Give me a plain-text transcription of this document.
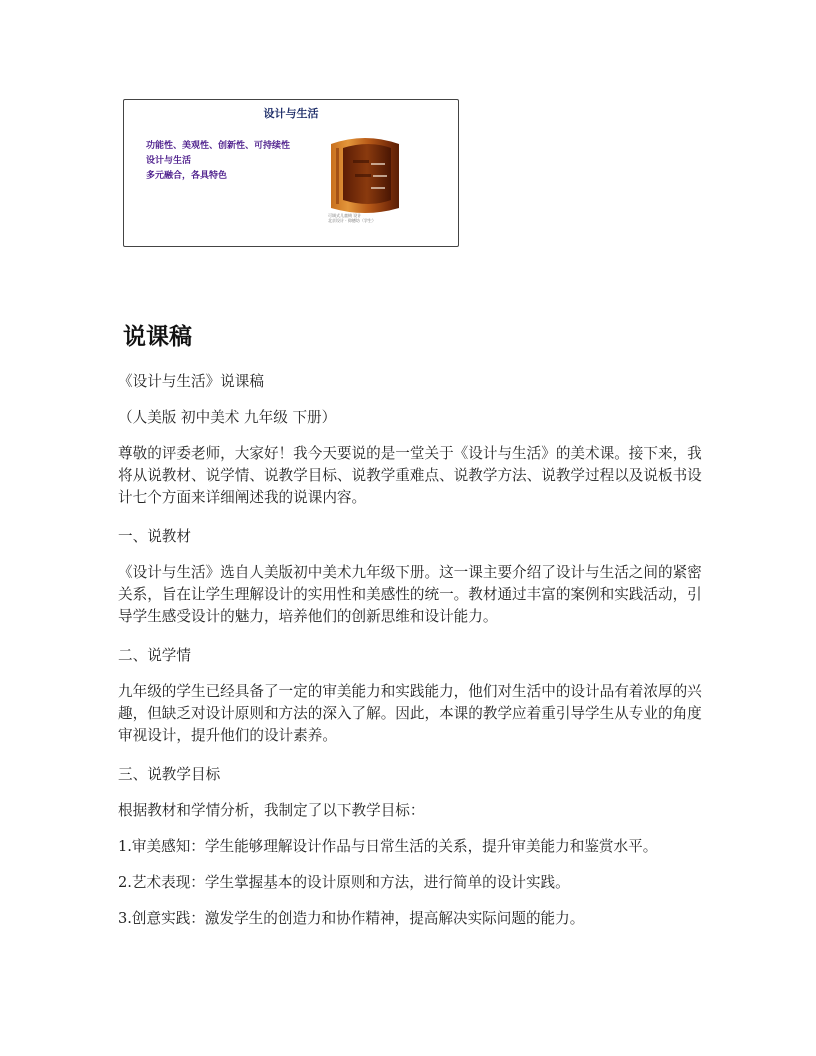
设计与生活
功能性、美观性、创新性、可持续性
设计与生活
多元融合，各具特色
可调式儿童椅 设计
北京设计 · 仰德坊（学生）
说课稿

《设计与生活》说课稿

（人美版 初中美术 九年级 下册）

尊敬的评委老师，大家好！我今天要说的是一堂关于《设计与生活》的美术课。接下来，我将从说教材、说学情、说教学目标、说教学重难点、说教学方法、说教学过程以及说板书设计七个方面来详细阐述我的说课内容。

一、说教材

《设计与生活》选自人美版初中美术九年级下册。这一课主要介绍了设计与生活之间的紧密关系，旨在让学生理解设计的实用性和美感性的统一。教材通过丰富的案例和实践活动，引导学生感受设计的魅力，培养他们的创新思维和设计能力。

二、说学情

九年级的学生已经具备了一定的审美能力和实践能力，他们对生活中的设计品有着浓厚的兴趣，但缺乏对设计原则和方法的深入了解。因此，本课的教学应着重引导学生从专业的角度审视设计，提升他们的设计素养。

三、说教学目标

根据教材和学情分析，我制定了以下教学目标：

1.审美感知：学生能够理解设计作品与日常生活的关系，提升审美能力和鉴赏水平。

2.艺术表现：学生掌握基本的设计原则和方法，进行简单的设计实践。

3.创意实践：激发学生的创造力和协作精神，提高解决实际问题的能力。
